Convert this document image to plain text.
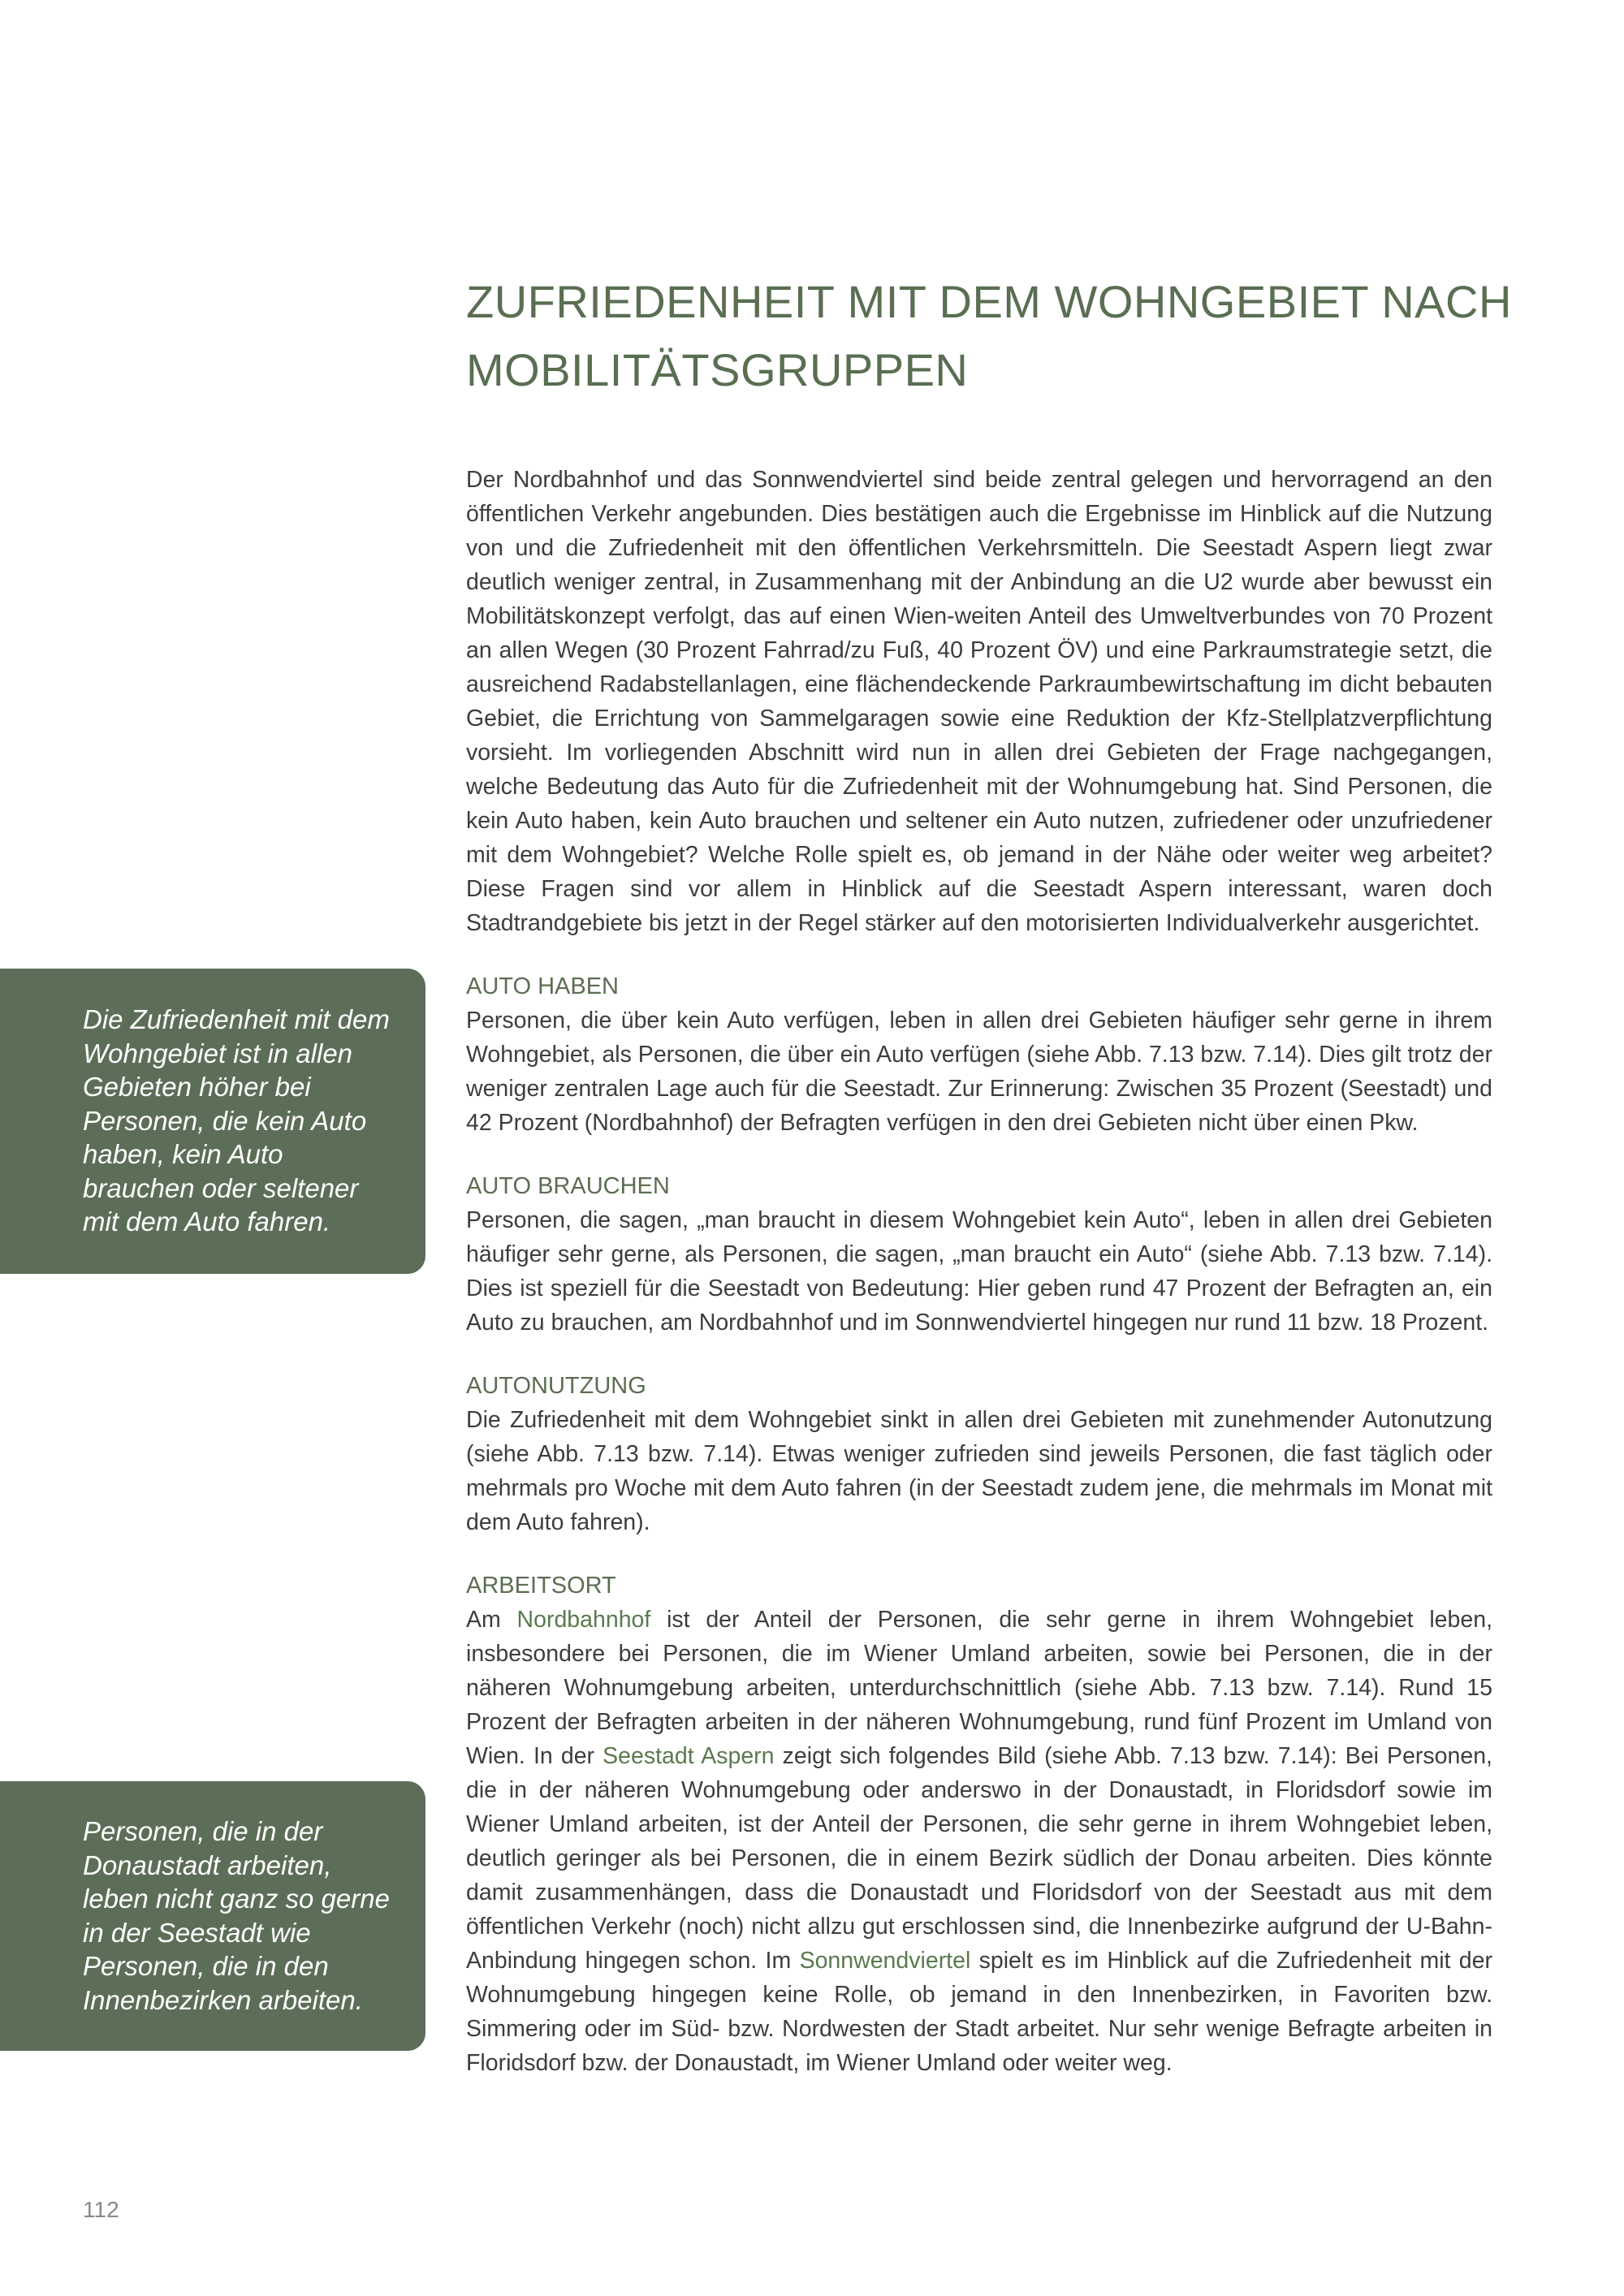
ZUFRIEDENHEIT MIT DEM WOHNGEBIET NACH
MOBILITÄTSGRUPPEN

Der Nordbahnhof und das Sonnwendviertel sind beide zentral gelegen und hervorragend an den öffentlichen Verkehr angebunden. Dies bestätigen auch die Ergebnisse im Hinblick auf die Nutzung von und die Zufriedenheit mit den öffentlichen Verkehrsmitteln. Die Seestadt Aspern liegt zwar deutlich weniger zentral, in Zusammenhang mit der Anbindung an die U2 wurde aber bewusst ein Mobilitätskonzept verfolgt, das auf einen Wien-weiten Anteil des Umweltverbundes von 70 Prozent an allen Wegen (30 Prozent Fahrrad/zu Fuß, 40 Prozent ÖV) und eine Parkraumstrategie setzt, die ausreichend Radabstellanlagen, eine flächendeckende Parkraumbewirtschaftung im dicht bebauten Gebiet, die Errichtung von Sammelgaragen sowie eine Reduktion der Kfz-Stellplatzverpflichtung vorsieht. Im vorliegenden Abschnitt wird nun in allen drei Gebieten der Frage nachgegangen, welche Bedeutung das Auto für die Zufriedenheit mit der Wohnumgebung hat. Sind Personen, die kein Auto haben, kein Auto brauchen und seltener ein Auto nutzen, zufriedener oder unzufriedener mit dem Wohngebiet? Welche Rolle spielt es, ob jemand in der Nähe oder weiter weg arbeitet? Diese Fragen sind vor allem in Hinblick auf die Seestadt Aspern interessant, waren doch Stadtrandgebiete bis jetzt in der Regel stärker auf den motorisierten Individualverkehr ausgerichtet.

AUTO HABEN

Personen, die über kein Auto verfügen, leben in allen drei Gebieten häufiger sehr gerne in ihrem Wohngebiet, als Personen, die über ein Auto verfügen (siehe Abb. 7.13 bzw. 7.14). Dies gilt trotz der weniger zentralen Lage auch für die Seestadt. Zur Erinnerung: Zwischen 35 Prozent (Seestadt) und 42 Prozent (Nordbahnhof) der Befragten verfügen in den drei Gebieten nicht über einen Pkw.

AUTO BRAUCHEN

Personen, die sagen, „man braucht in diesem Wohngebiet kein Auto“, leben in allen drei Gebieten häufiger sehr gerne, als Personen, die sagen, „man braucht ein Auto“ (siehe Abb. 7.13 bzw. 7.14). Dies ist speziell für die Seestadt von Bedeutung: Hier geben rund 47 Prozent der Befragten an, ein Auto zu brauchen, am Nordbahnhof und im Sonnwendviertel hingegen nur rund 11 bzw. 18 Prozent.

AUTONUTZUNG

Die Zufriedenheit mit dem Wohngebiet sinkt in allen drei Gebieten mit zunehmender Autonutzung (siehe Abb. 7.13 bzw. 7.14). Etwas weniger zufrieden sind jeweils Personen, die fast täglich oder mehrmals pro Woche mit dem Auto fahren (in der Seestadt zudem jene, die mehrmals im Monat mit dem Auto fahren).

ARBEITSORT

Am Nordbahnhof ist der Anteil der Personen, die sehr gerne in ihrem Wohngebiet leben, insbesondere bei Personen, die im Wiener Umland arbeiten, sowie bei Personen, die in der näheren Wohnumgebung arbeiten, unterdurchschnittlich (siehe Abb. 7.13 bzw. 7.14). Rund 15 Prozent der Befragten arbeiten in der näheren Wohnumgebung, rund fünf Prozent im Umland von Wien. In der Seestadt Aspern zeigt sich folgendes Bild (siehe Abb. 7.13 bzw. 7.14): Bei Personen, die in der näheren Wohnumgebung oder anderswo in der Donaustadt, in Floridsdorf sowie im Wiener Umland arbeiten, ist der Anteil der Personen, die sehr gerne in ihrem Wohngebiet leben, deutlich geringer als bei Personen, die in einem Bezirk südlich der Donau arbeiten. Dies könnte damit zusammenhängen, dass die Donaustadt und Floridsdorf von der Seestadt aus mit dem öffentlichen Verkehr (noch) nicht allzu gut erschlossen sind, die Innenbezirke aufgrund der U-Bahn-Anbindung hingegen schon. Im Sonnwendviertel spielt es im Hinblick auf die Zufriedenheit mit der Wohnumgebung hingegen keine Rolle, ob jemand in den Innenbezirken, in Favoriten bzw. Simmering oder im Süd- bzw. Nordwesten der Stadt arbeitet. Nur sehr wenige Befragte arbeiten in Floridsdorf bzw. der Donaustadt, im Wiener Umland oder weiter weg.

Die Zufriedenheit mit dem Wohngebiet ist in allen Gebieten höher bei Personen, die kein Auto haben, kein Auto brauchen oder seltener mit dem Auto fahren.
Personen, die in der Donaustadt arbeiten, leben nicht ganz so gerne in der Seestadt wie Personen, die in den Innenbezirken arbeiten.
112
